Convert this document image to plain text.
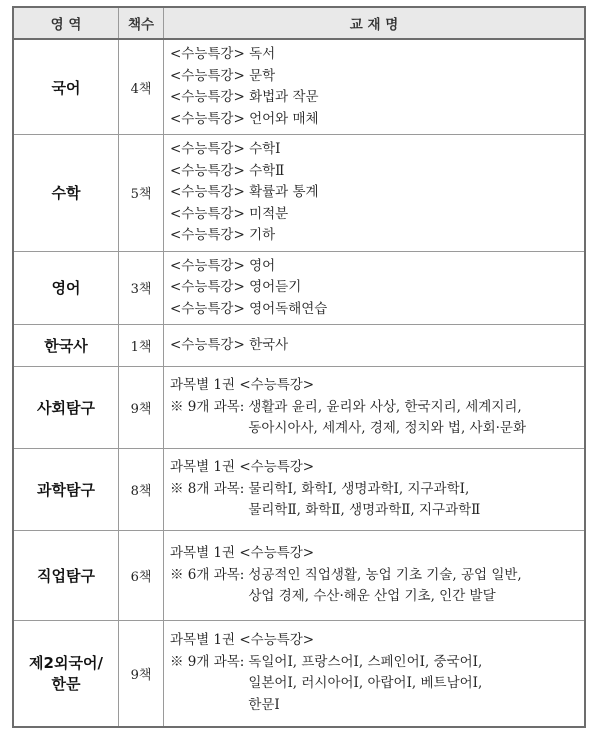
영 역	책수	교 재 명
국어	4책	<수능특강> 독서
<수능특강> 문학
<수능특강> 화법과 작문
<수능특강> 언어와 매체

수학	5책	<수능특강> 수학Ⅰ
<수능특강> 수학Ⅱ
<수능특강> 확률과 통계
<수능특강> 미적분
<수능특강> 기하

영어	3책	<수능특강> 영어
<수능특강> 영어듣기
<수능특강> 영어독해연습

한국사	1책	<수능특강> 한국사

사회탐구	9책	과목별 1권 <수능특강>
※ 9개 과목: 생활과 윤리, 윤리와 사상, 한국지리, 세계지리,
동아시아사, 세계사, 경제, 정치와 법, 사회·문화

과학탐구	8책	과목별 1권 <수능특강>
※ 8개 과목: 물리학Ⅰ, 화학Ⅰ, 생명과학Ⅰ, 지구과학Ⅰ,
물리학Ⅱ, 화학Ⅱ, 생명과학Ⅱ, 지구과학Ⅱ

직업탐구	6책	과목별 1권 <수능특강>
※ 6개 과목: 성공적인 직업생활, 농업 기초 기술, 공업 일반,
상업 경제, 수산·해운 산업 기초, 인간 발달

제2외국어/
한문	9책	과목별 1권 <수능특강>
※ 9개 과목: 독일어Ⅰ, 프랑스어Ⅰ, 스페인어Ⅰ, 중국어Ⅰ,
일본어Ⅰ, 러시아어Ⅰ, 아랍어Ⅰ, 베트남어Ⅰ,
한문Ⅰ
